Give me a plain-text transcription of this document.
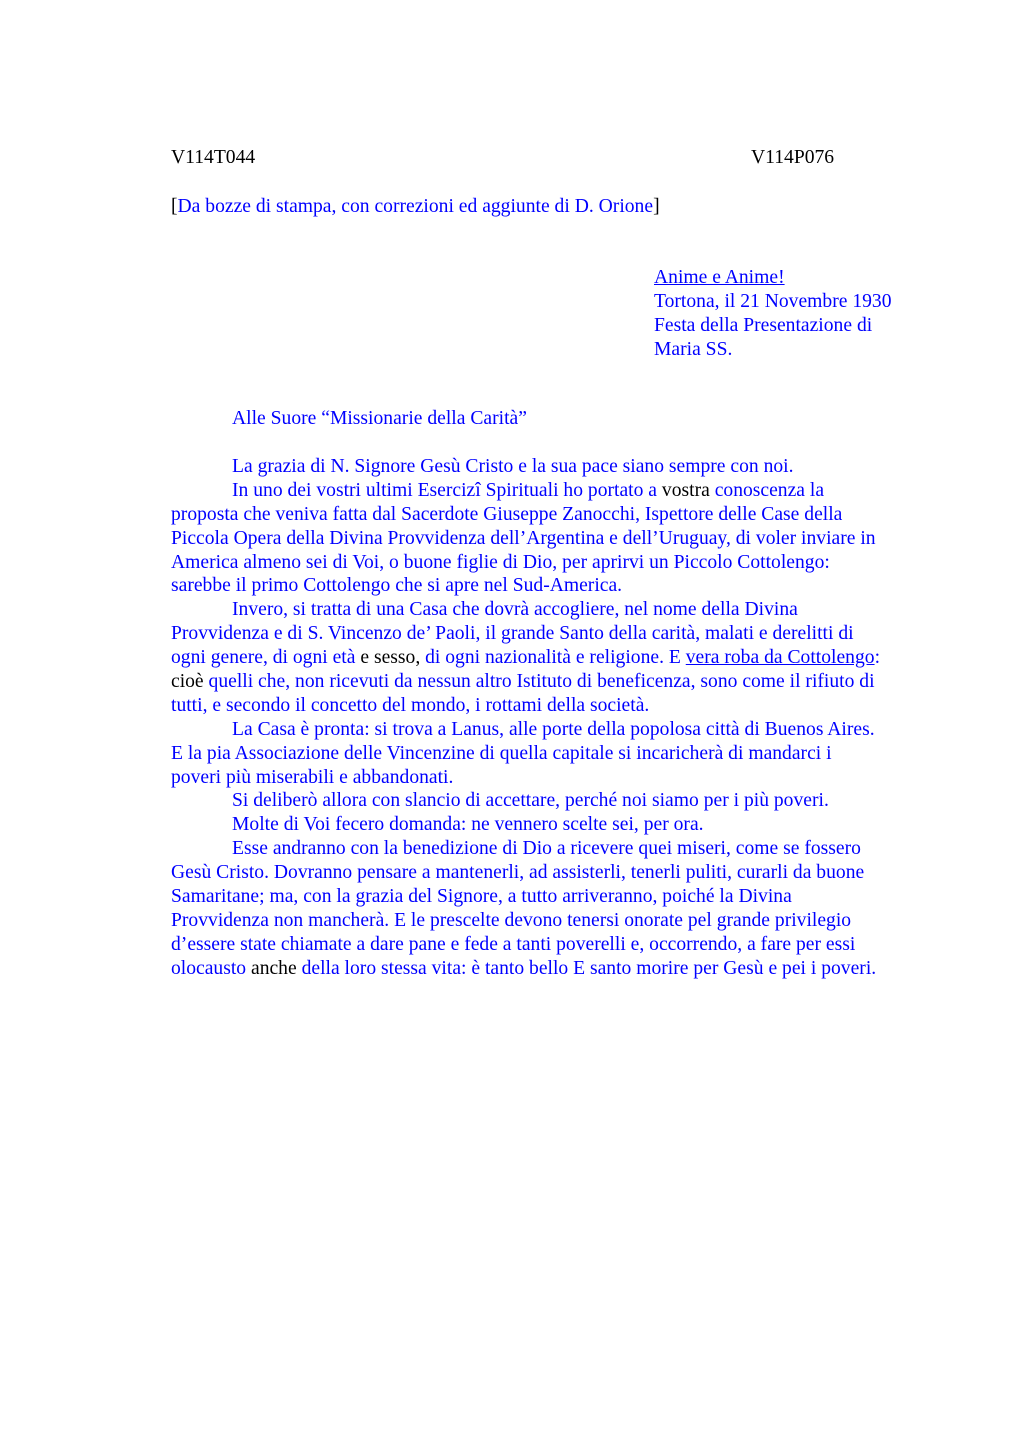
V114T044	V114P076
[Da bozze di stampa, con correzioni ed aggiunte di D. Orione]
Anime e Anime!
Tortona, il 21 Novembre 1930
Festa della Presentazione di
Maria SS.
Alle Suore “Missionarie della Carità”
La grazia di N. Signore Gesù Cristo e la sua pace siano sempre con noi.
In uno dei vostri ultimi Esercizî Spirituali ho portato a vostra conoscenza la
proposta che veniva fatta dal Sacerdote Giuseppe Zanocchi, Ispettore delle Case della
Piccola Opera della Divina Provvidenza dell’Argentina e dell’Uruguay, di voler inviare in
America almeno sei di Voi, o buone figlie di Dio, per aprirvi un Piccolo Cottolengo:
sarebbe il primo Cottolengo che si apre nel Sud-America.
Invero, si tratta di una Casa che dovrà accogliere, nel nome della Divina
Provvidenza e di S. Vincenzo de’ Paoli, il grande Santo della carità, malati e derelitti di
ogni genere, di ogni età e sesso, di ogni nazionalità e religione. E vera roba da Cottolengo:
cioè quelli che, non ricevuti da nessun altro Istituto di beneficenza, sono come il rifiuto di
tutti, e secondo il concetto del mondo, i rottami della società.
La Casa è pronta: si trova a Lanus, alle porte della popolosa città di Buenos Aires.
E la pia Associazione delle Vincenzine di quella capitale si incaricherà di mandarci i
poveri più miserabili e abbandonati.
Si deliberò allora con slancio di accettare, perché noi siamo per i più poveri.
Molte di Voi fecero domanda: ne vennero scelte sei, per ora.
Esse andranno con la benedizione di Dio a ricevere quei miseri, come se fossero
Gesù Cristo. Dovranno pensare a mantenerli, ad assisterli, tenerli puliti, curarli da buone
Samaritane; ma, con la grazia del Signore, a tutto arriveranno, poiché la Divina
Provvidenza non mancherà. E le prescelte devono tenersi onorate pel grande privilegio
d’essere state chiamate a dare pane e fede a tanti poverelli e, occorrendo, a fare per essi
olocausto anche della loro stessa vita: è tanto bello E santo morire per Gesù e pei i poveri.
